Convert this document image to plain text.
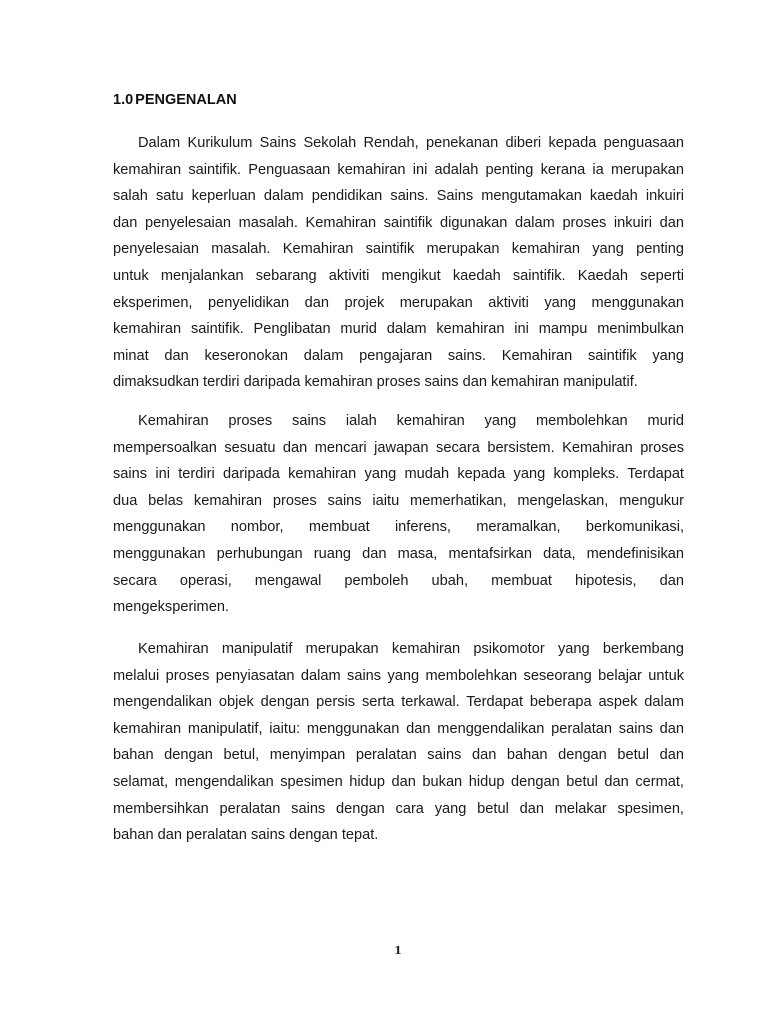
1.0 PENGENALAN
Dalam Kurikulum Sains Sekolah Rendah, penekanan diberi kepada penguasaan
kemahiran saintifik. Penguasaan kemahiran ini adalah penting kerana ia merupakan
salah satu keperluan dalam pendidikan sains. Sains mengutamakan kaedah inkuiri
dan penyelesaian masalah. Kemahiran saintifik digunakan dalam proses inkuiri dan
penyelesaian masalah. Kemahiran saintifik merupakan kemahiran yang penting
untuk menjalankan sebarang aktiviti mengikut kaedah saintifik. Kaedah seperti
eksperimen, penyelidikan dan projek merupakan aktiviti yang menggunakan
kemahiran saintifik. Penglibatan murid dalam kemahiran ini mampu menimbulkan
minat dan keseronokan dalam pengajaran sains. Kemahiran saintifik yang
dimaksudkan terdiri daripada kemahiran proses sains dan kemahiran manipulatif.
Kemahiran proses sains ialah kemahiran yang membolehkan murid
mempersoalkan sesuatu dan mencari jawapan secara bersistem. Kemahiran proses
sains ini terdiri daripada kemahiran yang mudah kepada yang kompleks. Terdapat
dua belas kemahiran proses sains iaitu memerhatikan, mengelaskan, mengukur
menggunakan nombor, membuat inferens, meramalkan, berkomunikasi,
menggunakan perhubungan ruang dan masa, mentafsirkan data, mendefinisikan
secara operasi, mengawal pemboleh ubah, membuat hipotesis, dan
mengeksperimen.
Kemahiran manipulatif merupakan kemahiran psikomotor yang berkembang
melalui proses penyiasatan dalam sains yang membolehkan seseorang belajar untuk
mengendalikan objek dengan persis serta terkawal. Terdapat beberapa aspek dalam
kemahiran manipulatif, iaitu: menggunakan dan menggendalikan peralatan sains dan
bahan dengan betul, menyimpan peralatan sains dan bahan dengan betul dan
selamat, mengendalikan spesimen hidup dan bukan hidup dengan betul dan cermat,
membersihkan peralatan sains dengan cara yang betul dan melakar spesimen,
bahan dan peralatan sains dengan tepat.
1
